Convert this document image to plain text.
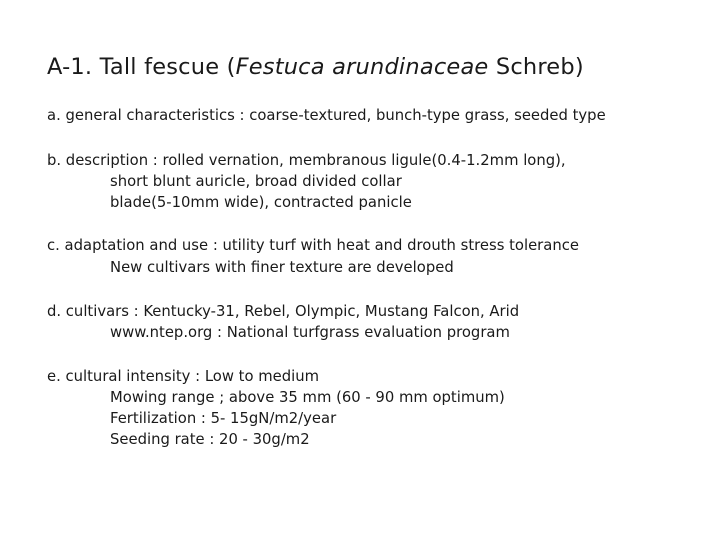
A-1. Tall fescue (Festuca arundinaceae Schreb)
a. general characteristics : coarse-textured, bunch-type grass, seeded type
b. description : rolled vernation, membranous ligule(0.4-1.2mm long),
short blunt auricle, broad divided collar
blade(5-10mm wide), contracted panicle
c. adaptation and use : utility turf with heat and drouth stress tolerance
New cultivars with finer texture are developed
d. cultivars : Kentucky-31, Rebel, Olympic, Mustang Falcon, Arid
www.ntep.org : National turfgrass evaluation program
e. cultural intensity : Low to medium
Mowing range ; above 35 mm (60 - 90 mm optimum)
Fertilization : 5- 15gN/m2/year
Seeding rate : 20 - 30g/m2
